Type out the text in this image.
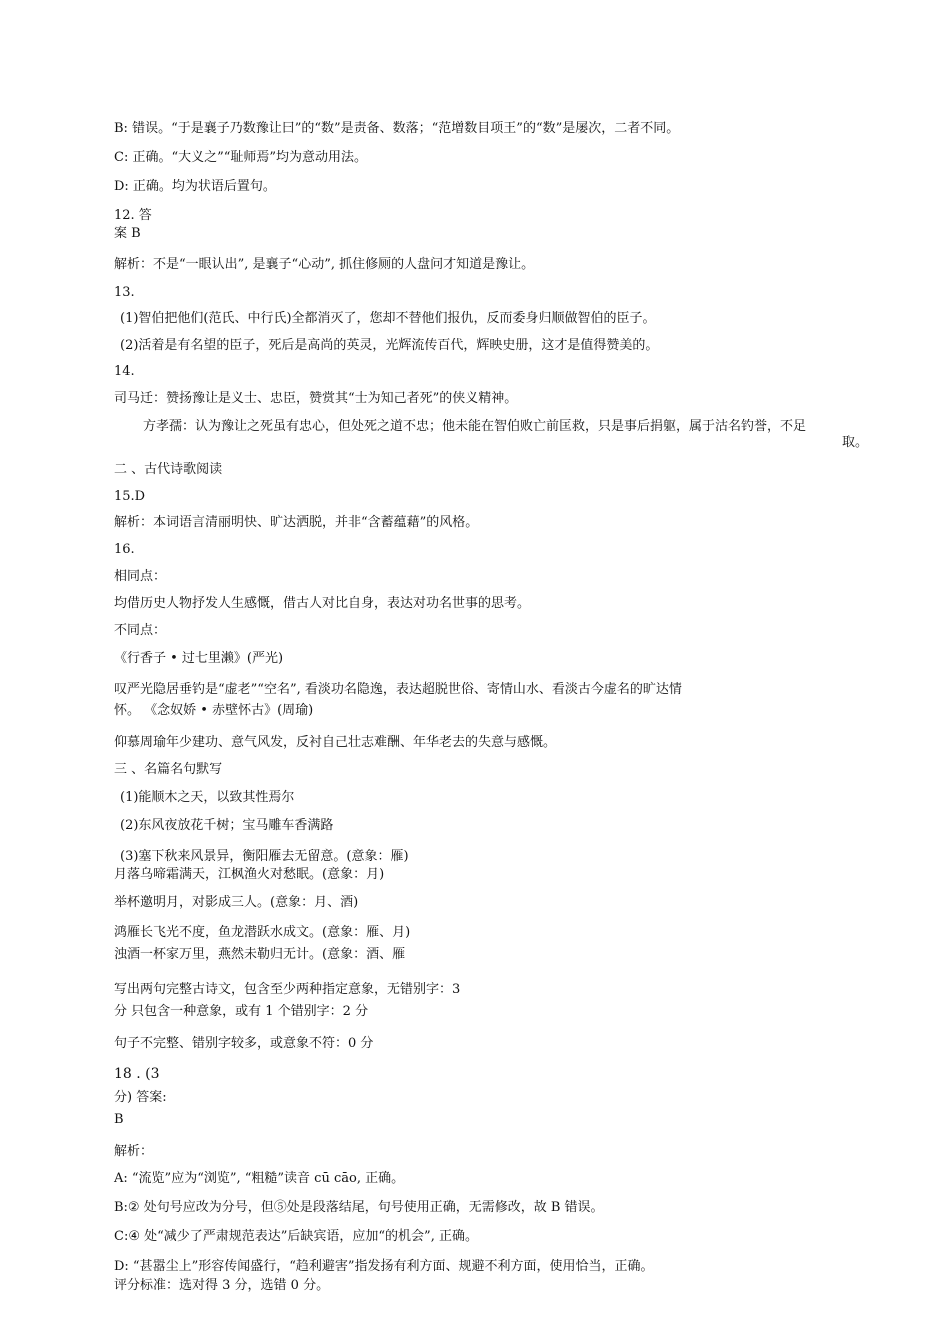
B: 错误。“于是襄子乃数豫让曰”的“数”是责备、数落；“范增数目项王”的“数”是屡次，二者不同。
C: 正确。“大义之”“耻师焉”均为意动用法。
D: 正确。均为状语后置句。
12. 答
案 B
解析：不是“一眼认出”, 是襄子“心动”, 抓住修厕的人盘问才知道是豫让。
13.
(1)智伯把他们(范氏、中行氏)全都消灭了，您却不替他们报仇，反而委身归顺做智伯的臣子。
(2)活着是有名望的臣子，死后是高尚的英灵，光辉流传百代，辉映史册，这才是值得赞美的。
14.
司马迁：赞扬豫让是义士、忠臣，赞赏其“士为知己者死”的侠义精神。
方孝孺：认为豫让之死虽有忠心，但处死之道不忠；他未能在智伯败亡前匡救，只是事后捐躯，属于沽名钓誉，不足
取。
二 、古代诗歌阅读
15.D
解析：本词语言清丽明快、旷达洒脱，并非“含蓄蕴藉”的风格。
16.
相同点：
均借历史人物抒发人生感慨，借古人对比自身，表达对功名世事的思考。
不同点：
《行香子 • 过七里濑》(严光)
叹严光隐居垂钓是“虚老”“空名”, 看淡功名隐逸，表达超脱世俗、寄情山水、看淡古今虚名的旷达情
怀。 《念奴娇 • 赤壁怀古》(周瑜)
仰慕周瑜年少建功、意气风发，反衬自己壮志难酬、年华老去的失意与感慨。
三 、名篇名句默写
(1)能顺木之天，以致其性焉尔
(2)东风夜放花千树；宝马雕车香满路
(3)塞下秋来风景异，衡阳雁去无留意。(意象：雁)
月落乌啼霜满天，江枫渔火对愁眠。(意象：月)
举杯邀明月，对影成三人。(意象：月、酒)
鸿雁长飞光不度，鱼龙潜跃水成文。(意象：雁、月)
浊酒一杯家万里，燕然未勒归无计。(意象：酒、雁
写出两句完整古诗文，包含至少两种指定意象，无错别字：3
分 只包含一种意象，或有 1 个错别字：2 分
句子不完整、错别字较多，或意象不符：0 分
18 . (3
分) 答案:
B
解析：
A: “流览”应为“浏览”, “粗糙”读音 cū cāo, 正确。
B:② 处句号应改为分号，但⑤处是段落结尾，句号使用正确，无需修改，故 B 错误。
C:④ 处“减少了严肃规范表达”后缺宾语，应加“的机会”, 正确。
D: “甚嚣尘上”形容传闻盛行，“趋利避害”指发扬有利方面、规避不利方面，使用恰当，正确。
评分标准：选对得 3 分，选错 0 分。
